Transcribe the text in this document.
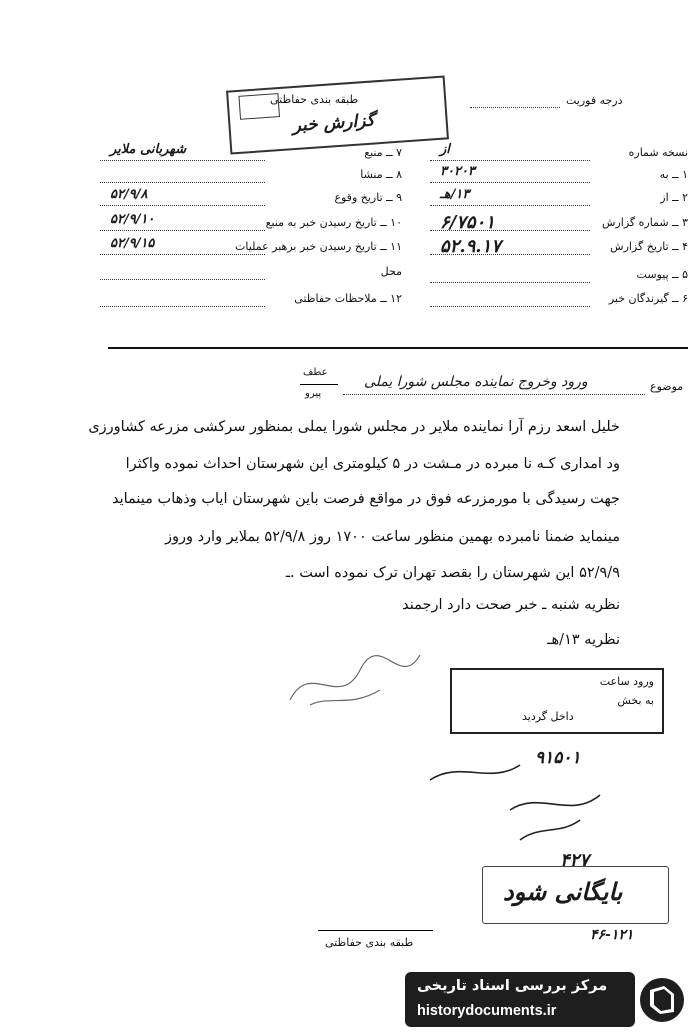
طبقه بندی حفاظتی	درجه فوریت
گزارش خبر
نسخه شماره
از
۱ ــ به
۳۰۲۰۳
۲ ــ از
۱۳/هـ
۳ ــ شماره گزارش
۶/۷۵۰۱
۴ ــ تاریخ گزارش
۵۲.۹.۱۷
۵ ــ پیوست
۶ ــ گیرندگان خبر
۷ ــ منبع
شهربانی ملایر
۸ ــ منشا
۹ ــ تاریخ وقوع
۵۲/۹/۸
۱۰ ــ تاریخ رسیدن خبر به منبع
۵۲/۹/۱۰
۱۱ ــ تاریخ رسیدن خبر برهبر عملیات
۵۲/۹/۱۵
محل
۱۲ ــ ملاحظات حفاظتی
موضوع
ورود وخروج نماینده مجلس شورا یملی
عطف
پیرو
خلیل اسعد رزم آرا نماینده ملایر در مجلس شورا یملی بمنظور سرکشی مزرعه کشاورزی
ود امداری کـه نا مبرده در مـشت در ۵ کیلومتری این شهرستان احداث نموده واکثرا
جهت رسیدگی با مورمزرعه فوق در مواقع فرصت باین شهرستان ایاب وذهاب مینماید
مینماید ضمنا نامبرده بهمین منظور ساعت ۱۷۰۰ روز ۵۲/۹/۸ بملایر وارد وروز
۵۲/۹/۹ این شهرستان را بقصد تهران ترک نموده است .ـ
نظریه شنبه ـ خبر صحت دارد ارجمند
نظریه ۱۳/هـ
ورود ساعت
به بخش
داخل گردید
۹۱۵۰۱
۴۲۷
بایگانی شود
۴۶-۱۲۱
طبقه بندی حفاظتی
مرکز بررسی اسناد تاریخی
historydocuments.ir
